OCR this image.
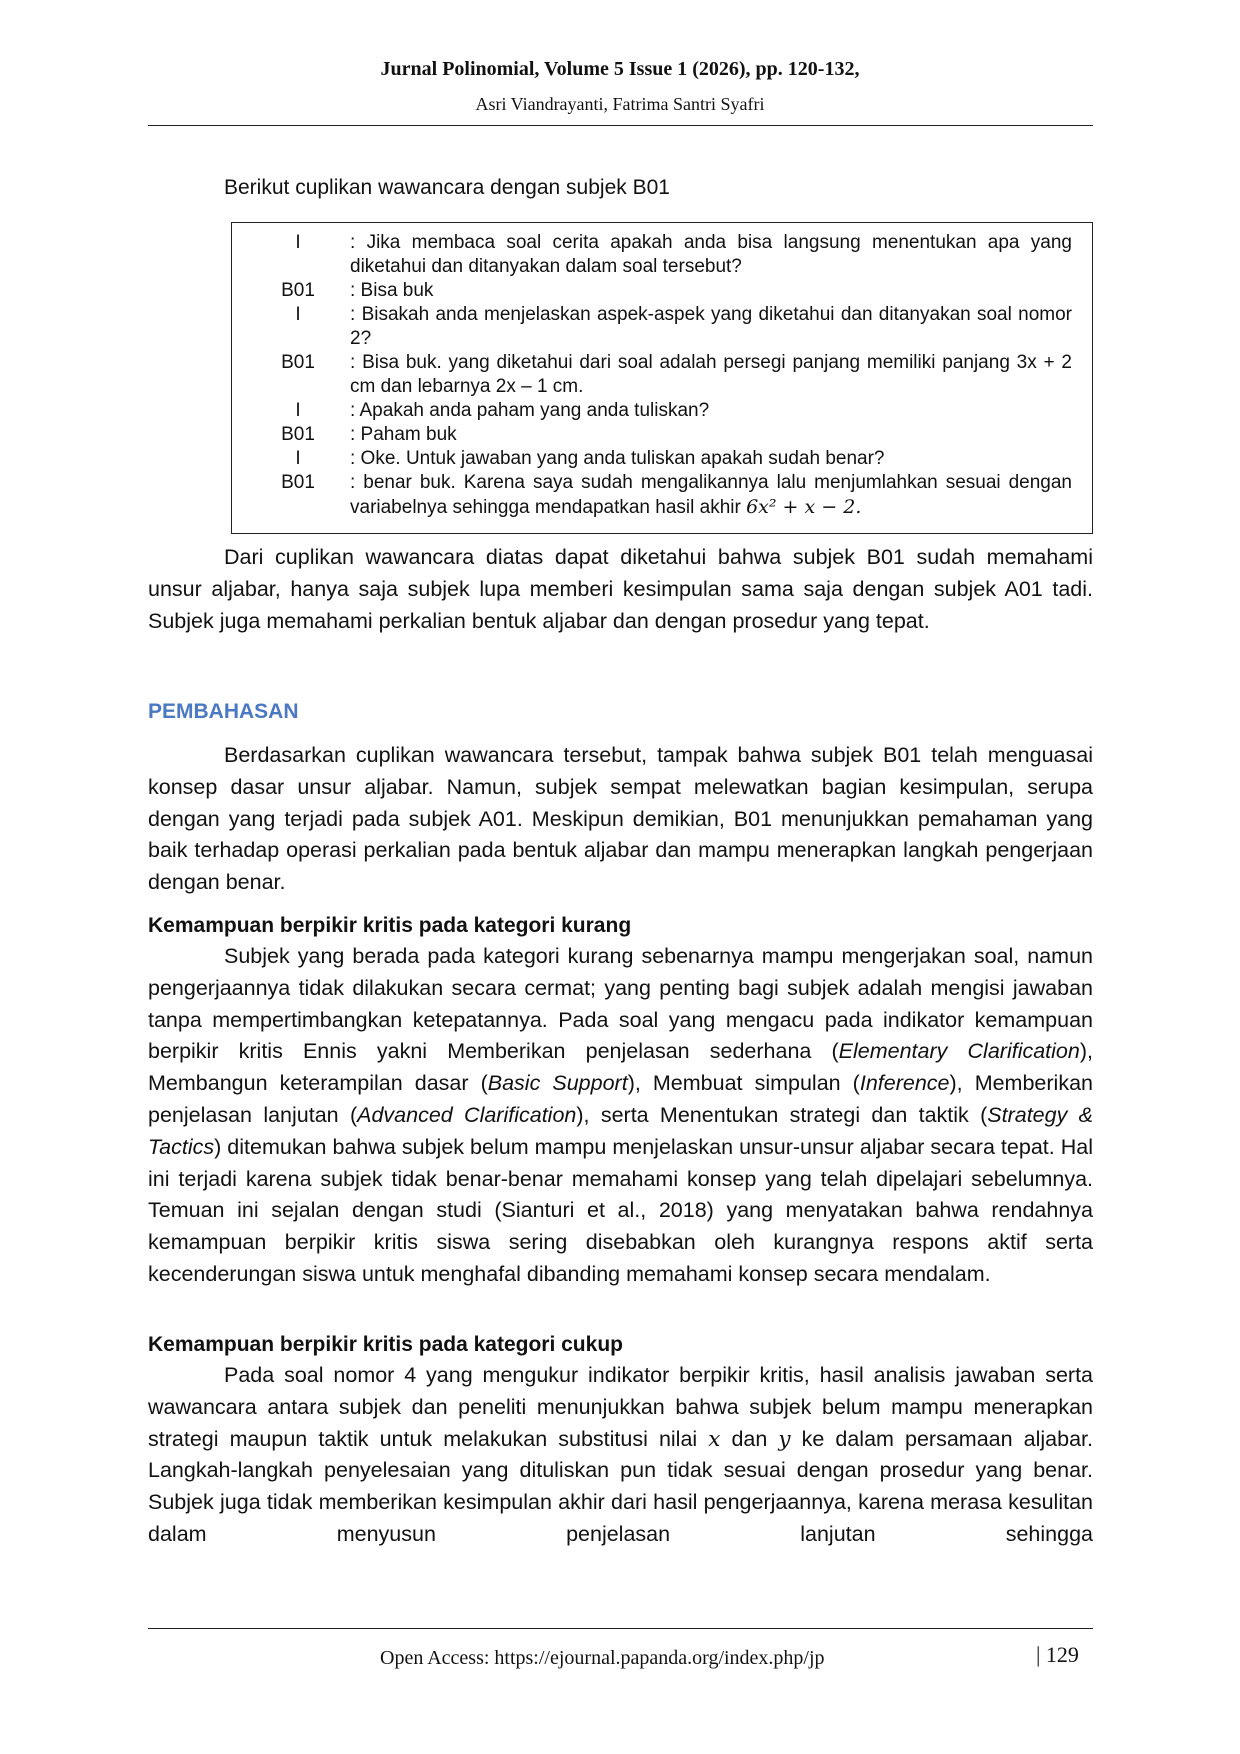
Jurnal Polinomial, Volume 5 Issue 1 (2026), pp. 120-132,
Asri Viandrayanti, Fatrima Santri Syafri
Berikut cuplikan wawancara dengan subjek B01
I	: Jika membaca soal cerita apakah anda bisa langsung menentukan apa yang diketahui dan ditanyakan dalam soal tersebut?
B01	: Bisa buk
I	: Bisakah anda menjelaskan aspek-aspek yang diketahui dan ditanyakan soal nomor 2?
B01	: Bisa buk. yang diketahui dari soal adalah persegi panjang memiliki panjang 3x + 2 cm dan lebarnya 2x – 1 cm.
I	: Apakah anda paham yang anda tuliskan?
B01	: Paham buk
I	: Oke. Untuk jawaban yang anda tuliskan apakah sudah benar?
B01	: benar buk. Karena saya sudah mengalikannya lalu menjumlahkan sesuai dengan variabelnya sehingga mendapatkan hasil akhir 6x² + x − 2.

Dari cuplikan wawancara diatas dapat diketahui bahwa subjek B01 sudah memahami unsur aljabar, hanya saja subjek lupa memberi kesimpulan sama saja dengan subjek A01 tadi. Subjek juga memahami perkalian bentuk aljabar dan dengan prosedur yang tepat.

PEMBAHASAN

Berdasarkan cuplikan wawancara tersebut, tampak bahwa subjek B01 telah menguasai konsep dasar unsur aljabar. Namun, subjek sempat melewatkan bagian kesimpulan, serupa dengan yang terjadi pada subjek A01. Meskipun demikian, B01 menunjukkan pemahaman yang baik terhadap operasi perkalian pada bentuk aljabar dan mampu menerapkan langkah pengerjaan dengan benar.

Kemampuan berpikir kritis pada kategori kurang

Subjek yang berada pada kategori kurang sebenarnya mampu mengerjakan soal, namun pengerjaannya tidak dilakukan secara cermat; yang penting bagi subjek adalah mengisi jawaban tanpa mempertimbangkan ketepatannya. Pada soal yang mengacu pada indikator kemampuan berpikir kritis Ennis yakni Memberikan penjelasan sederhana (Elementary Clarification), Membangun keterampilan dasar (Basic Support), Membuat simpulan (Inference), Memberikan penjelasan lanjutan (Advanced Clarification), serta Menentukan strategi dan taktik (Strategy & Tactics) ditemukan bahwa subjek belum mampu menjelaskan unsur-unsur aljabar secara tepat. Hal ini terjadi karena subjek tidak benar-benar memahami konsep yang telah dipelajari sebelumnya. Temuan ini sejalan dengan studi (Sianturi et al., 2018) yang menyatakan bahwa rendahnya kemampuan berpikir kritis siswa sering disebabkan oleh kurangnya respons aktif serta kecenderungan siswa untuk menghafal dibanding memahami konsep secara mendalam.

Kemampuan berpikir kritis pada kategori cukup

Pada soal nomor 4 yang mengukur indikator berpikir kritis, hasil analisis jawaban serta wawancara antara subjek dan peneliti menunjukkan bahwa subjek belum mampu menerapkan strategi maupun taktik untuk melakukan substitusi nilai x dan y ke dalam persamaan aljabar. Langkah-langkah penyelesaian yang dituliskan pun tidak sesuai dengan prosedur yang benar. Subjek juga tidak memberikan kesimpulan akhir dari hasil pengerjaannya, karena merasa kesulitan dalam menyusun penjelasan lanjutan sehingga

Open Access: https://ejournal.papanda.org/index.php/jp	| 129
